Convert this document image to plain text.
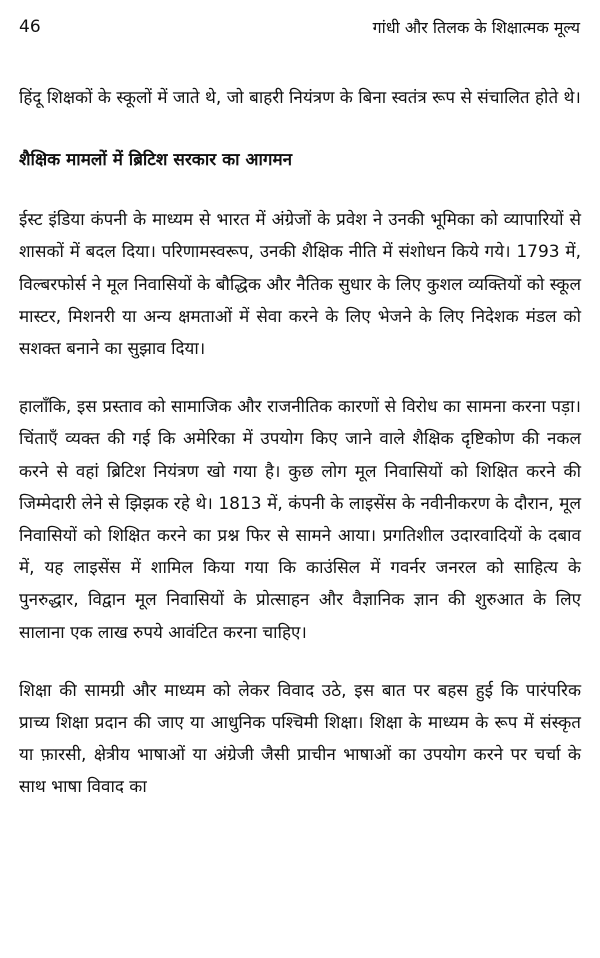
46	गांधी और तिलक के शिक्षात्मक मूल्य

हिंदू शिक्षकों के स्कूलों में जाते थे, जो बाहरी नियंत्रण के बिना स्वतंत्र रूप से संचालित होते थे।

शैक्षिक मामलों में ब्रिटिश सरकार का आगमन

ईस्ट इंडिया कंपनी के माध्यम से भारत में अंग्रेजों के प्रवेश ने उनकी भूमिका को व्यापारियों से शासकों में बदल दिया। परिणामस्वरूप, उनकी शैक्षिक नीति में संशोधन किये गये। 1793 में, विल्बरफोर्स ने मूल निवासियों के बौद्धिक और नैतिक सुधार के लिए कुशल व्यक्तियों को स्कूल मास्टर, मिशनरी या अन्य क्षमताओं में सेवा करने के लिए भेजने के लिए निदेशक मंडल को सशक्त बनाने का सुझाव दिया।

हालाँकि, इस प्रस्ताव को सामाजिक और राजनीतिक कारणों से विरोध का सामना करना पड़ा। चिंताएँ व्यक्त की गई कि अमेरिका में उपयोग किए जाने वाले शैक्षिक दृष्टिकोण की नकल करने से वहां ब्रिटिश नियंत्रण खो गया है। कुछ लोग मूल निवासियों को शिक्षित करने की जिम्मेदारी लेने से झिझक रहे थे। 1813 में, कंपनी के लाइसेंस के नवीनीकरण के दौरान, मूल निवासियों को शिक्षित करने का प्रश्न फिर से सामने आया। प्रगतिशील उदारवादियों के दबाव में, यह लाइसेंस में शामिल किया गया कि काउंसिल में गवर्नर जनरल को साहित्य के पुनरुद्धार, विद्वान मूल निवासियों के प्रोत्साहन और वैज्ञानिक ज्ञान की शुरुआत के लिए सालाना एक लाख रुपये आवंटित करना चाहिए।

शिक्षा की सामग्री और माध्यम को लेकर विवाद उठे, इस बात पर बहस हुई कि पारंपरिक प्राच्य शिक्षा प्रदान की जाए या आधुनिक पश्चिमी शिक्षा। शिक्षा के माध्यम के रूप में संस्कृत या फ़ारसी, क्षेत्रीय भाषाओं या अंग्रेजी जैसी प्राचीन भाषाओं का उपयोग करने पर चर्चा के साथ भाषा विवाद का
